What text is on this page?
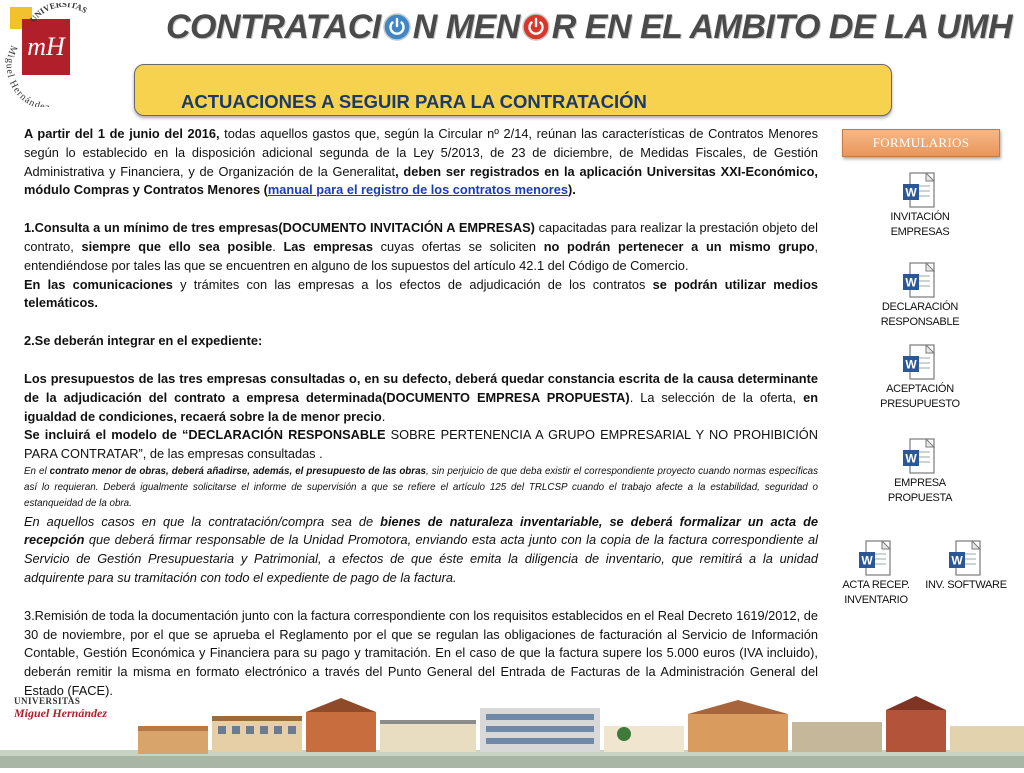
mH
UNIVERSITAS
Miguel Hernánde
CONTRATACI N MEN R EN EL AMBITO DE LA UMH
ACTUACIONES A SEGUIR PARA LA CONTRATACIÓN

A partir del 1 de junio del 2016, todas aquellos gastos que, según la Circular nº 2/14, reúnan las características de Contratos Menores según lo establecido en la disposición adicional segunda de la Ley 5/2013, de 23 de diciembre, de Medidas Fiscales, de Gestión Administrativa y Financiera, y de Organización de la Generalitat, deben ser registrados en la aplicación Universitas XXI-Económico, módulo Compras y Contratos Menores (manual para el registro de los contratos menores).

1.Consulta a un mínimo de tres empresas(DOCUMENTO INVITACIÓN A EMPRESAS) capacitadas para realizar la prestación objeto del contrato, siempre que ello sea posible. Las empresas cuyas ofertas se soliciten no podrán pertenecer a un mismo grupo, entendiéndose por tales las que se encuentren en alguno de los supuestos del artículo 42.1 del Código de Comercio.

En las comunicaciones y trámites con las empresas a los efectos de adjudicación de los contratos se podrán utilizar medios telemáticos.

2.Se deberán integrar en el expediente:

Los presupuestos de las tres empresas consultadas o, en su defecto, deberá quedar constancia escrita de la causa determinante de la adjudicación del contrato a empresa determinada(DOCUMENTO EMPRESA PROPUESTA). La selección de la oferta, en igualdad de condiciones, recaerá sobre la de menor precio.

Se incluirá el modelo de “DECLARACIÓN RESPONSABLE SOBRE PERTENENCIA A GRUPO EMPRESARIAL Y NO PROHIBICIÓN PARA CONTRATAR”, de las empresas consultadas .

En el contrato menor de obras, deberá añadirse, además, el presupuesto de las obras, sin perjuicio de que deba existir el correspondiente proyecto cuando normas específicas así lo requieran. Deberá igualmente solicitarse el informe de supervisión a que se refiere el artículo 125 del TRLCSP cuando el trabajo afecte a la estabilidad, seguridad o estanqueidad de la obra.

En aquellos casos en que la contratación/compra sea de bienes de naturaleza inventariable, se deberá formalizar un acta de recepción que deberá firmar responsable de la Unidad Promotora, enviando esta acta junto con la copia de la factura correspondiente al Servicio de Gestión Presupuestaria y Patrimonial, a efectos de que éste emita la diligencia de inventario, que remitirá a la unidad adquirente para su tramitación con todo el expediente de pago de la factura.

3.Remisión de toda la documentación junto con la factura correspondiente con los requisitos establecidos en el Real Decreto 1619/2012, de 30 de noviembre, por el que se aprueba el Reglamento por el que se regulan las obligaciones de facturación al Servicio de Información Contable, Gestión Económica y Financiera para su pago y tramitación. En el caso de que la factura supere los 5.000 euros (IVA incluido), deberán remitir la misma en formato electrónico a través del Punto General del Entrada de Facturas de la Administración General del Estado (FACE).

FORMULARIOS
W
INVITACIÓN
EMPRESAS
W
DECLARACIÓN
RESPONSABLE
W
ACEPTACIÓN
PRESUPUESTO
W
EMPRESA
PROPUESTA
W
ACTA RECEP.
INVENTARIO
W
INV. SOFTWARE
UNIVERSITAS
Miguel Hernández
